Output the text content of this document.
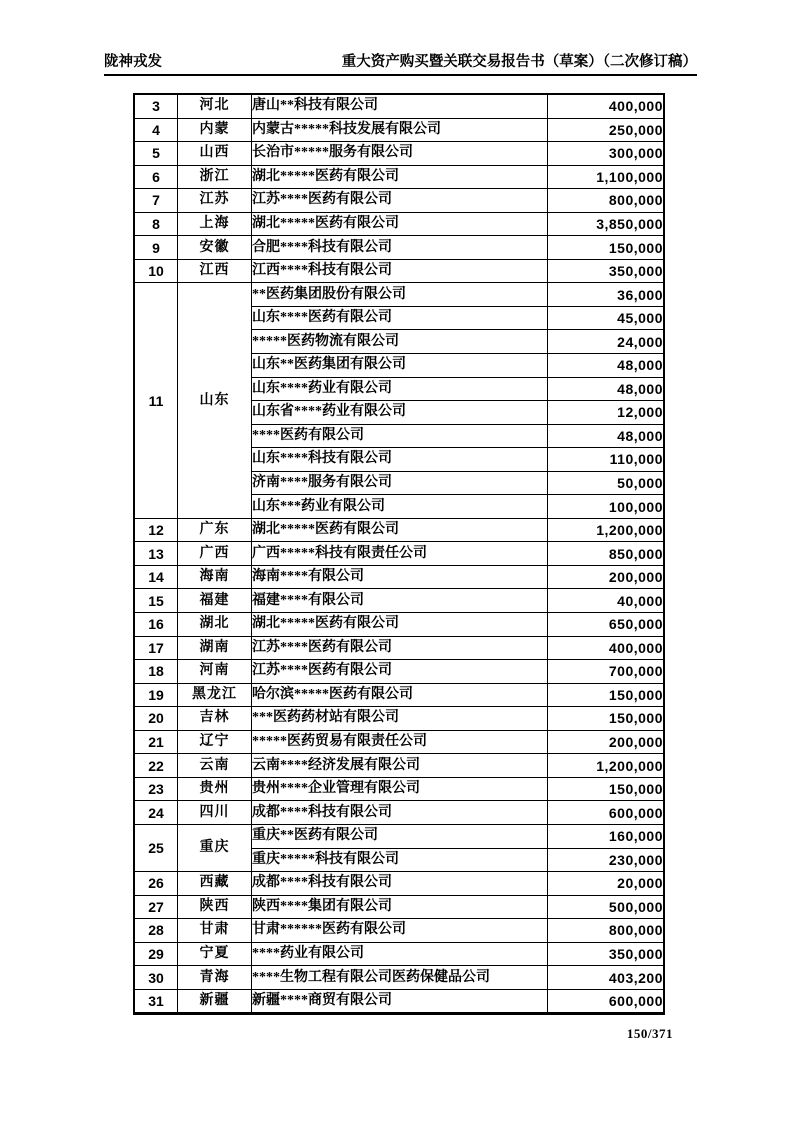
陇神戎发	重大资产购买暨关联交易报告书（草案）（二次修订稿）
3	河北	唐山**科技有限公司	400,000
4	内蒙	内蒙古*****科技发展有限公司	250,000
5	山西	长治市*****服务有限公司	300,000
6	浙江	湖北*****医药有限公司	1,100,000
7	江苏	江苏****医药有限公司	800,000
8	上海	湖北*****医药有限公司	3,850,000
9	安徽	合肥****科技有限公司	150,000
10	江西	江西****科技有限公司	350,000
11	山东	**医药集团股份有限公司	36,000
		山东****医药有限公司	45,000
		*****医药物流有限公司	24,000
		山东**医药集团有限公司	48,000
		山东****药业有限公司	48,000
		山东省****药业有限公司	12,000
		****医药有限公司	48,000
		山东****科技有限公司	110,000
		济南****服务有限公司	50,000
		山东***药业有限公司	100,000
12	广东	湖北*****医药有限公司	1,200,000
13	广西	广西*****科技有限责任公司	850,000
14	海南	海南****有限公司	200,000
15	福建	福建****有限公司	40,000
16	湖北	湖北*****医药有限公司	650,000
17	湖南	江苏****医药有限公司	400,000
18	河南	江苏****医药有限公司	700,000
19	黑龙江	哈尔滨*****医药有限公司	150,000
20	吉林	***医药药材站有限公司	150,000
21	辽宁	*****医药贸易有限责任公司	200,000
22	云南	云南****经济发展有限公司	1,200,000
23	贵州	贵州****企业管理有限公司	150,000
24	四川	成都****科技有限公司	600,000
25	重庆	重庆**医药有限公司	160,000
		重庆*****科技有限公司	230,000
26	西藏	成都****科技有限公司	20,000
27	陕西	陕西****集团有限公司	500,000
28	甘肃	甘肃******医药有限公司	800,000
29	宁夏	****药业有限公司	350,000
30	青海	****生物工程有限公司医药保健品公司	403,200
31	新疆	新疆****商贸有限公司	600,000
150/371
